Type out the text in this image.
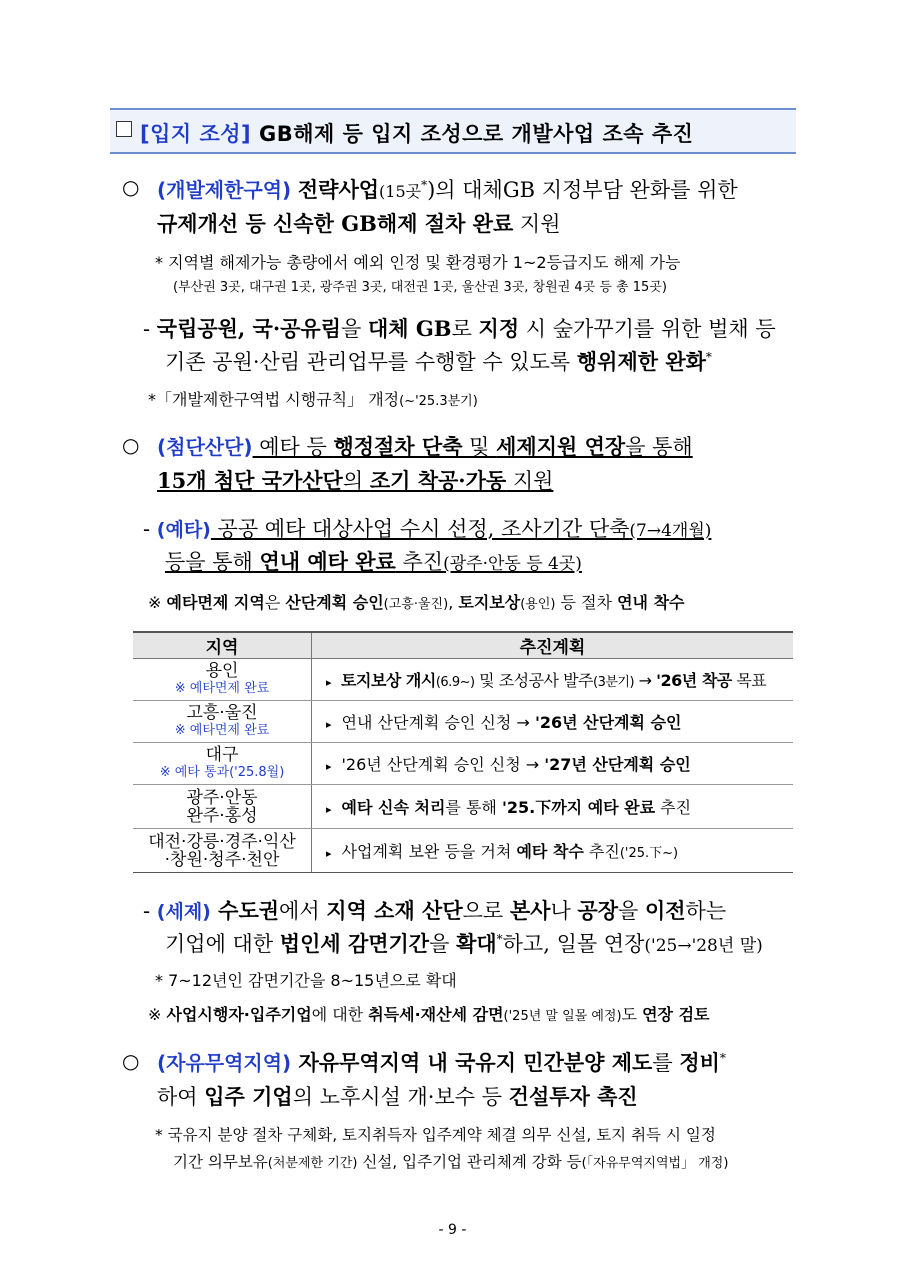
[입지 조성] GB해제 등 입지 조성으로 개발사업 조속 추진
○ (개발제한구역) 전략사업(15곳*)의 대체GB 지정부담 완화를 위한
규제개선 등 신속한 GB해제 절차 완료 지원
* 지역별 해제가능 총량에서 예외 인정 및 환경평가 1~2등급지도 해제 가능
(부산권 3곳, 대구권 1곳, 광주권 3곳, 대전권 1곳, 울산권 3곳, 창원권 4곳 등 총 15곳)
- 국립공원, 국·공유림을 대체 GB로 지정 시 숲가꾸기를 위한 벌채 등
기존 공원·산림 관리업무를 수행할 수 있도록 행위제한 완화*
*「개발제한구역법 시행규칙」 개정(~'25.3분기)
○ (첨단산단) 예타 등 행정절차 단축 및 세제지원 연장을 통해
15개 첨단 국가산단의 조기 착공·가동 지원
- (예타) 공공 예타 대상사업 수시 선정, 조사기간 단축(7→4개월)
등을 통해 연내 예타 완료 추진(광주·안동 등 4곳)
※ 예타면제 지역은 산단계획 승인(고흥·울진), 토지보상(용인) 등 절차 연내 착수
지역	추진계획

용인
※ 예타면제 완료	▸ 토지보상 개시(6.9~) 및 조성공사 발주(3분기) → '26년 착공 목표

고흥·울진
※ 예타면제 완료	▸ 연내 산단계획 승인 신청 → '26년 산단계획 승인

대구
※ 예타 통과('25.8월)	▸ '26년 산단계획 승인 신청 → '27년 산단계획 승인

광주·안동
완주·홍성	▸ 예타 신속 처리를 통해 '25.下까지 예타 완료 추진

대전·강릉·경주·익산
·창원·청주·천안	▸ 사업계획 보완 등을 거쳐 예타 착수 추진('25.下~)
- (세제) 수도권에서 지역 소재 산단으로 본사나 공장을 이전하는
기업에 대한 법인세 감면기간을 확대*하고, 일몰 연장('25→'28년 말)
* 7~12년인 감면기간을 8~15년으로 확대
※ 사업시행자·입주기업에 대한 취득세·재산세 감면('25년 말 일몰 예정)도 연장 검토
○ (자유무역지역) 자유무역지역 내 국유지 민간분양 제도를 정비*
하여 입주 기업의 노후시설 개·보수 등 건설투자 촉진
* 국유지 분양 절차 구체화, 토지취득자 입주계약 체결 의무 신설, 토지 취득 시 일정
기간 의무보유(처분제한 기간) 신설, 입주기업 관리체계 강화 등(「자유무역지역법」 개정)
- 9 -
